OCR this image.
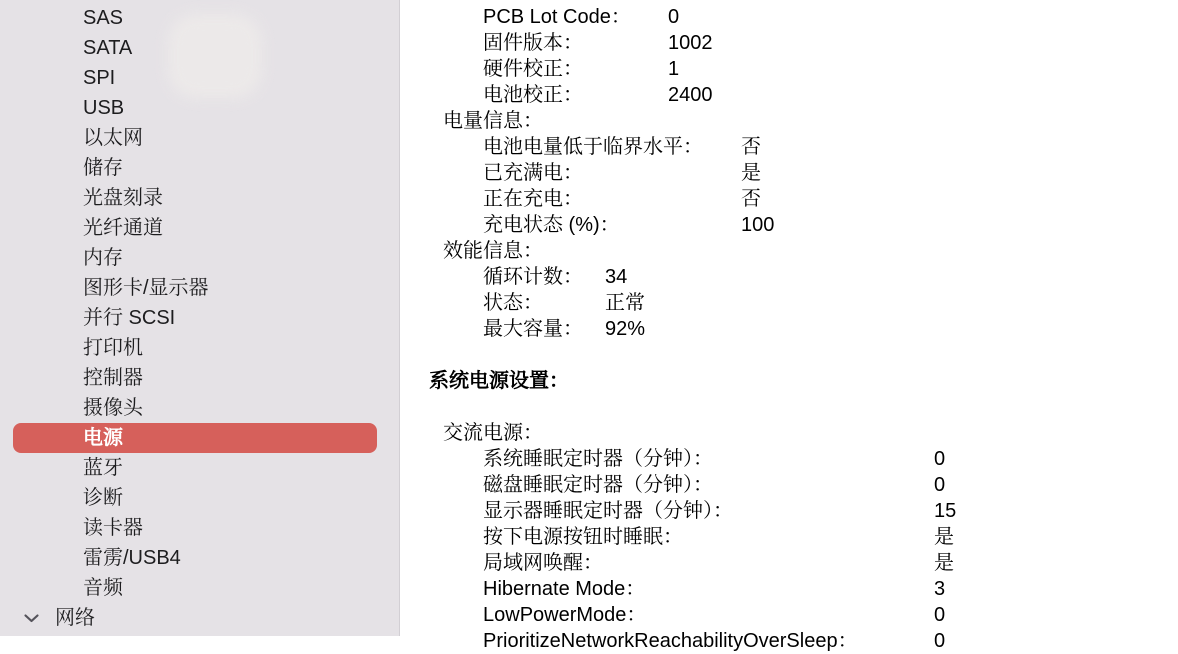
SAS
SATA
SPI
USB
以太网
储存
光盘刻录
光纤通道
内存
图形卡/显示器
并行 SCSI
打印机
控制器
摄像头
电源
蓝牙
诊断
读卡器
雷雳/USB4
音频
网络
PCB Lot Code： 0
固件版本：	1002
硬件校正：	1
电池校正：	2400
电量信息：
电池电量低于临界水平： 否
已充满电：	是
正在充电：	否
充电状态 (%)：	100
效能信息：
循环计数： 34
状态：	正常
最大容量： 92%
系统电源设置：
交流电源：
系统睡眠定时器（分钟）：	0
磁盘睡眠定时器（分钟）：	0
显示器睡眠定时器（分钟）：	15
按下电源按钮时睡眠：	是
局域网唤醒：	是
Hibernate Mode：	3
LowPowerMode：	0
PrioritizeNetworkReachabilityOverSleep：	0
